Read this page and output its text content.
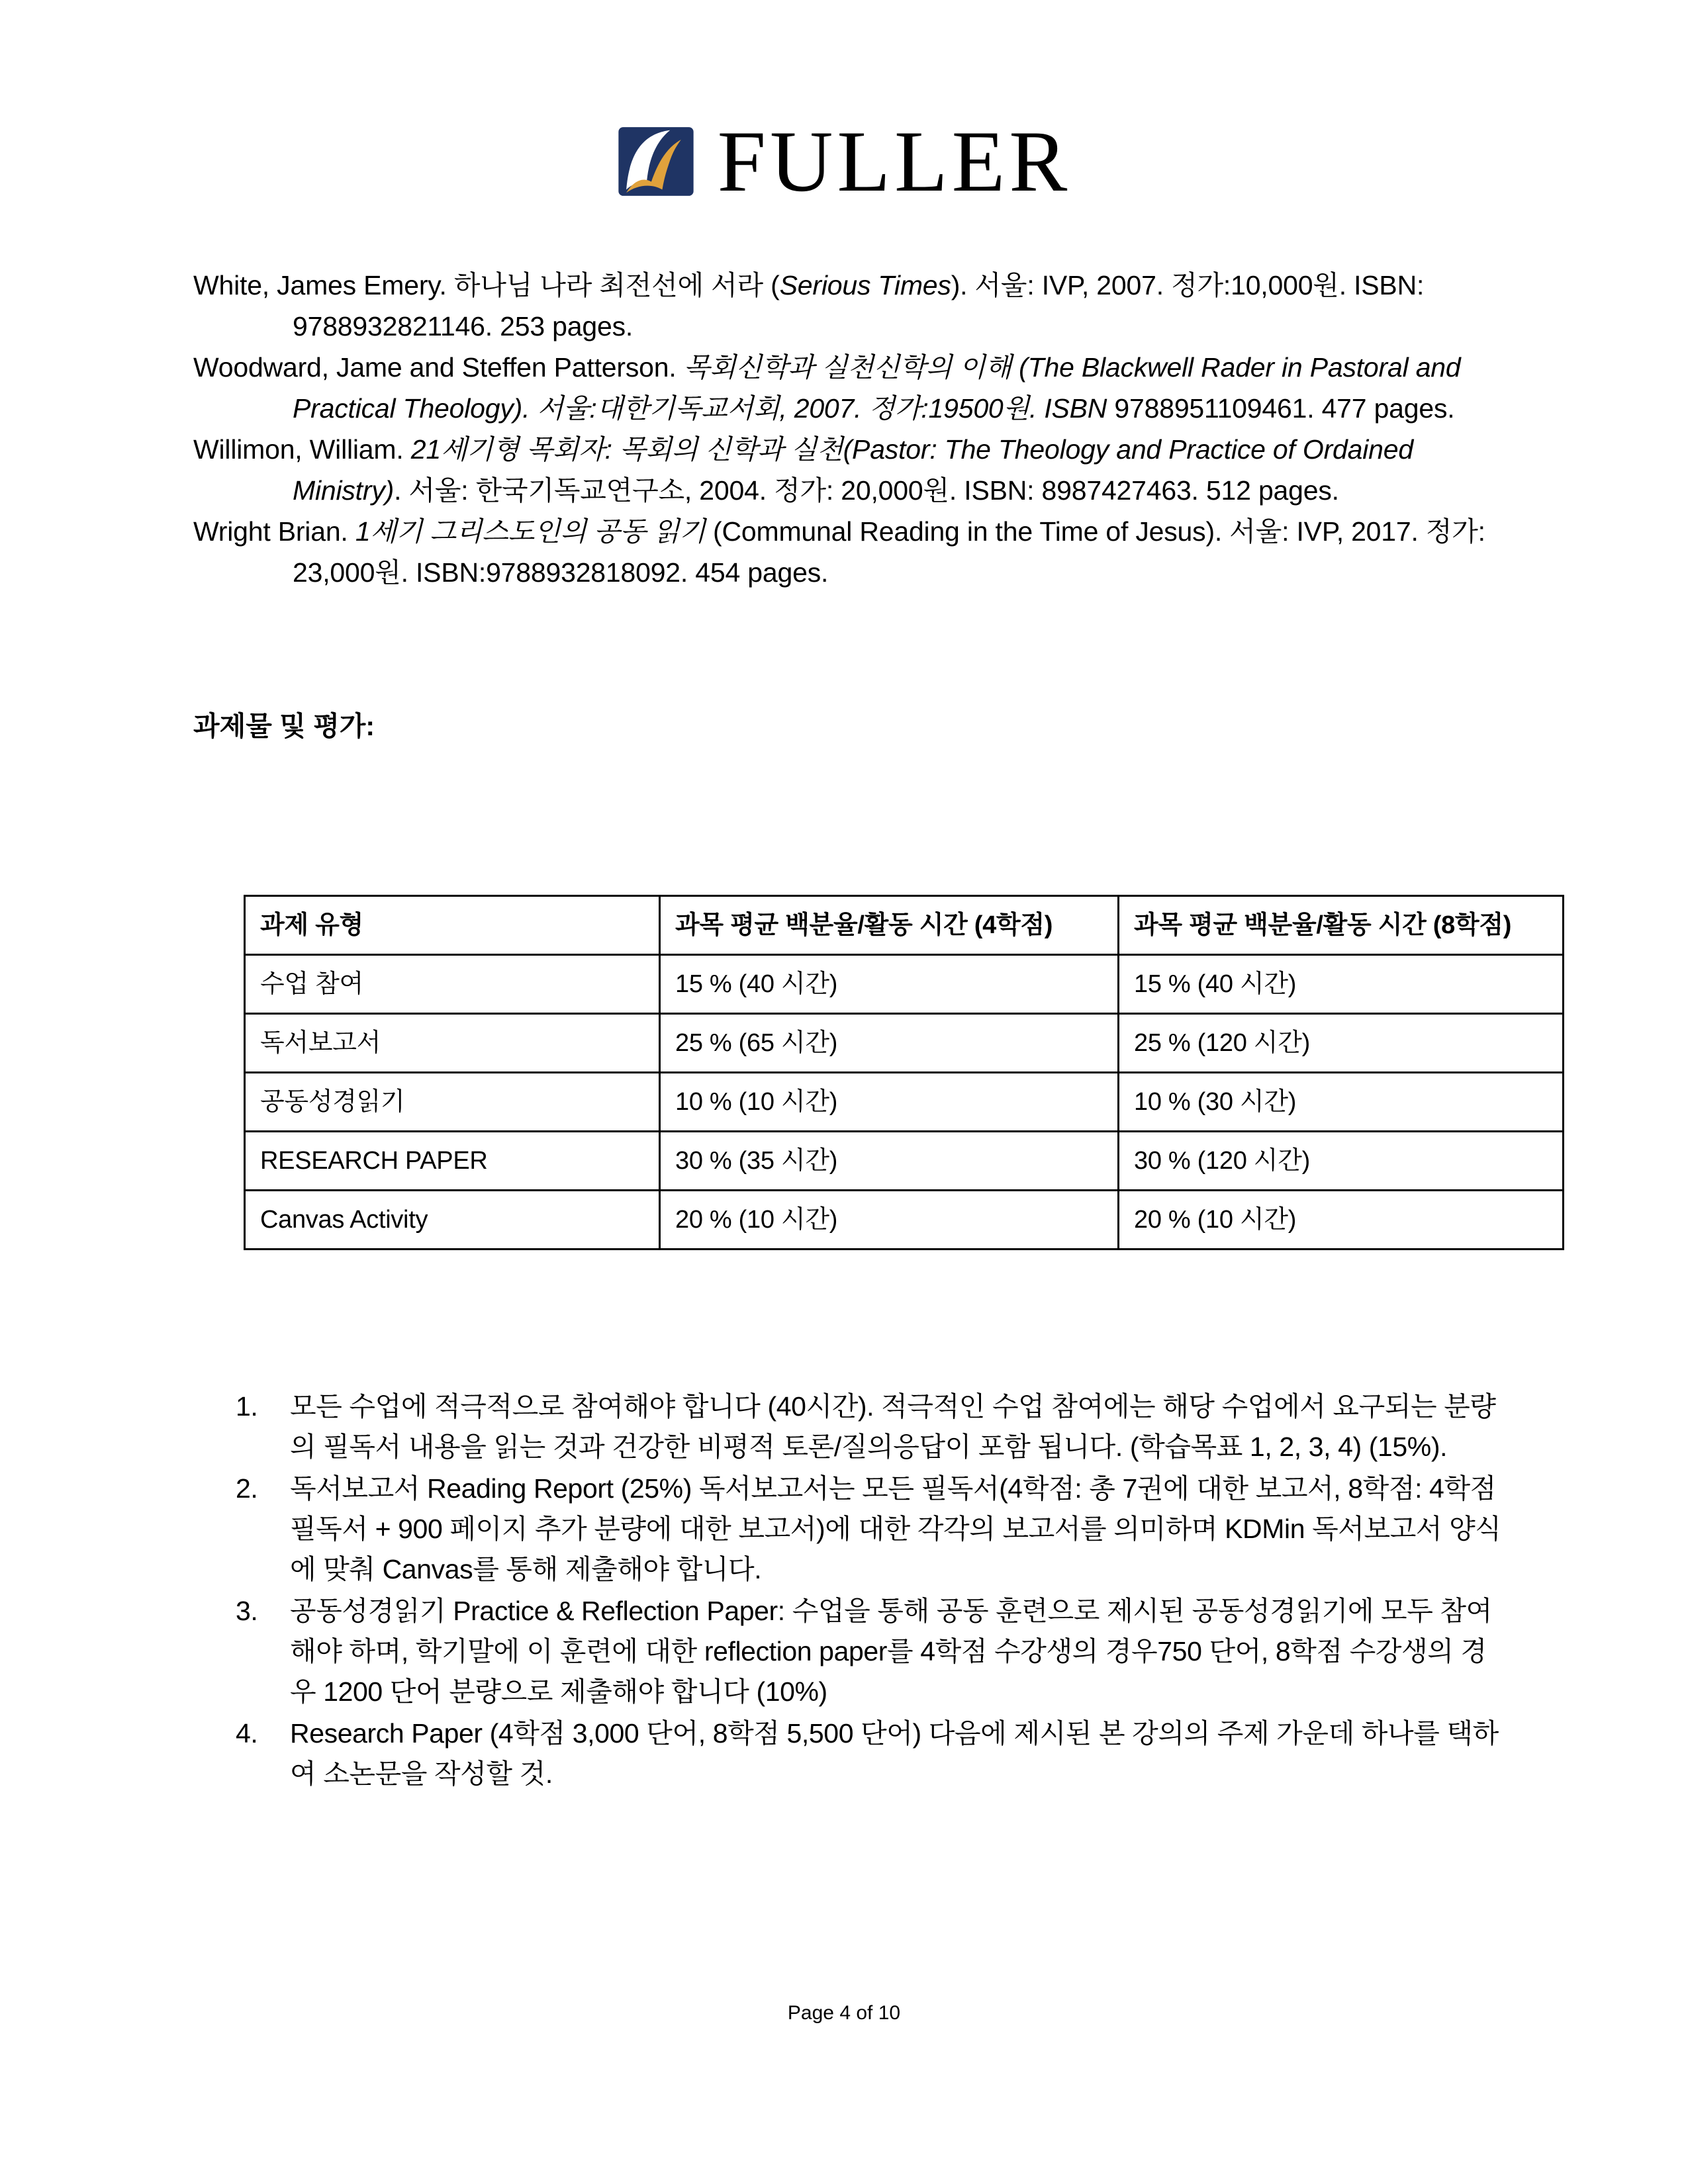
FULLER
White, James Emery. 하나님 나라 최전선에 서라 (Serious Times). 서울: IVP, 2007. 정가:10,000원. ISBN: 9788932821146. 253 pages.
Woodward, Jame and Steffen Patterson. 목회신학과 실천신학의 이해 (The Blackwell Rader in Pastoral and Practical Theology). 서울:대한기독교서회, 2007. 정가:19500원. ISBN 9788951109461. 477 pages.
Willimon, William. 21세기형 목회자: 목회의 신학과 실천(Pastor: The Theology and Practice of Ordained Ministry). 서울: 한국기독교연구소, 2004. 정가: 20,000원. ISBN: 8987427463. 512 pages.
Wright Brian. 1세기 그리스도인의 공동 읽기 (Communal Reading in the Time of Jesus). 서울: IVP, 2017. 정가: 23,000원. ISBN:9788932818092. 454 pages.
과제물 및 평가:
과제 유형	과목 평균 백분율/활동 시간 (4학점)	과목 평균 백분율/활동 시간 (8학점)
수업 참여	15 % (40 시간)	15 % (40 시간)
독서보고서	25 % (65 시간)	25 % (120 시간)
공동성경읽기	10 % (10 시간)	10 % (30 시간)
RESEARCH PAPER	30 % (35 시간)	30 % (120 시간)
Canvas Activity	20 % (10 시간)	20 % (10 시간)
모든 수업에 적극적으로 참여해야 합니다 (40시간). 적극적인 수업 참여에는 해당 수업에서 요구되는 분량의 필독서 내용을 읽는 것과 건강한 비평적 토론/질의응답이 포함 됩니다. (학습목표 1, 2, 3, 4) (15%).
독서보고서 Reading Report (25%) 독서보고서는 모든 필독서(4학점: 총 7권에 대한 보고서, 8학점: 4학점 필독서 + 900 페이지 추가 분량에 대한 보고서)에 대한 각각의 보고서를 의미하며 KDMin 독서보고서 양식에 맞춰 Canvas를 통해 제출해야 합니다.
공동성경읽기 Practice & Reflection Paper: 수업을 통해 공동 훈련으로 제시된 공동성경읽기에 모두 참여해야 하며, 학기말에 이 훈련에 대한 reflection paper를 4학점 수강생의 경우750 단어, 8학점 수강생의 경우 1200 단어 분량으로 제출해야 합니다 (10%)
Research Paper (4학점 3,000 단어, 8학점 5,500 단어) 다음에 제시된 본 강의의 주제 가운데 하나를 택하여 소논문을 작성할 것.
Page 4 of 10
